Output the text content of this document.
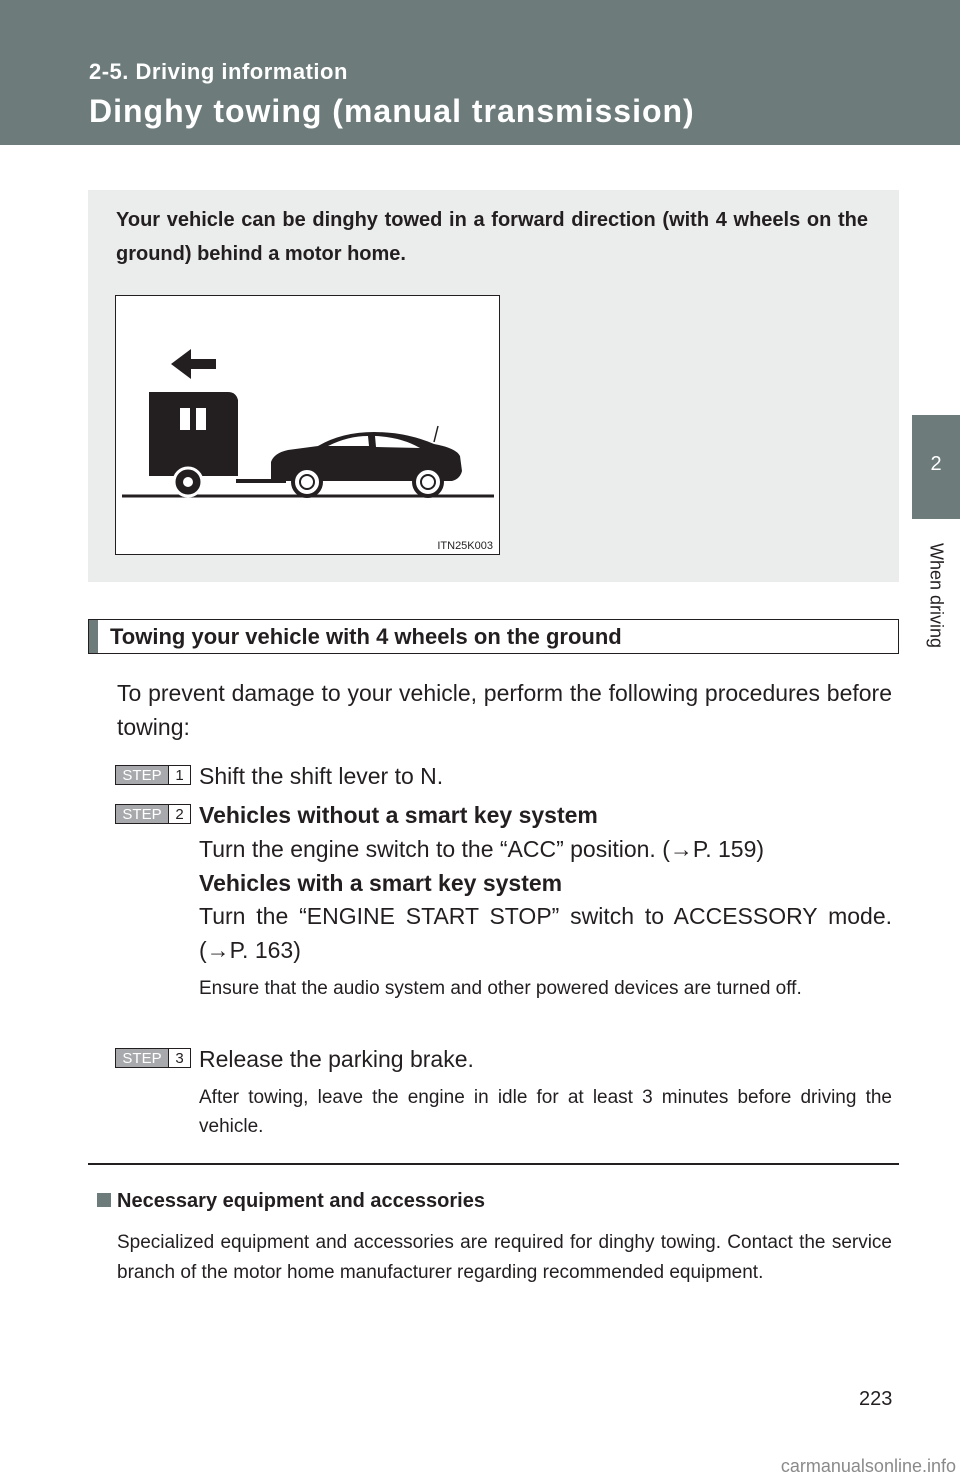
2-5. Driving information
Dinghy towing (manual transmission)
2
When driving
Your vehicle can be dinghy towed in a forward direction (with 4 wheels on the ground) behind a motor home.
ITN25K003
Towing your vehicle with 4 wheels on the ground
To prevent damage to your vehicle, perform the following procedures before towing:
STEP 1 Shift the shift lever to N.
STEP 2 Vehicles without a smart key system
Turn the engine switch to the “ACC” position. (→P. 159)
Vehicles with a smart key system
Turn the “ENGINE START STOP” switch to ACCESSORY mode. (→P. 163)
Ensure that the audio system and other powered devices are turned off.
STEP 3 Release the parking brake.
After towing, leave the engine in idle for at least 3 minutes before driving the vehicle.
Necessary equipment and accessories
Specialized equipment and accessories are required for dinghy towing. Contact the service branch of the motor home manufacturer regarding recommended equipment.
223
carmanualsonline.info
